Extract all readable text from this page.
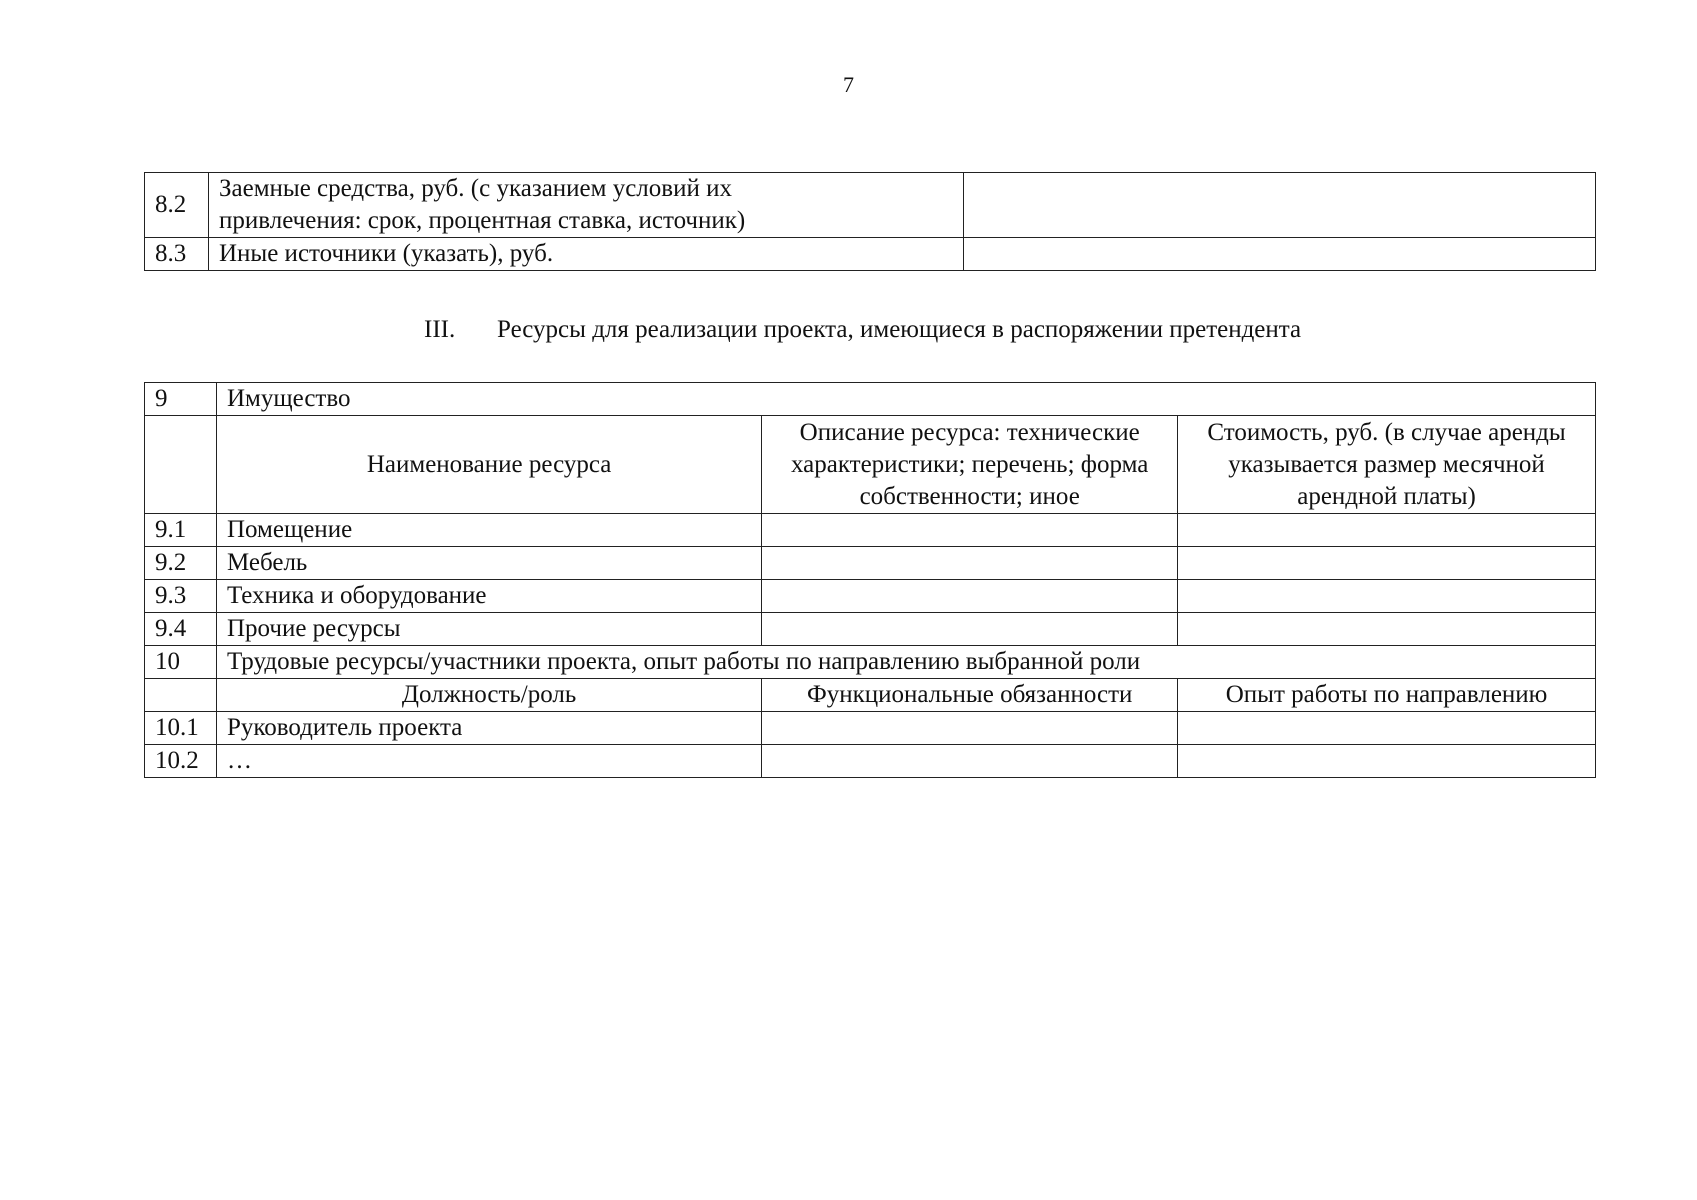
7
8.2	Заемные средства, руб. (с указанием условий их
привлечения: срок, процентная ставка, источник)	

8.3	Иные источники (указать), руб.	
III. Ресурсы для реализации проекта, имеющиеся в распоряжении претендента
9	Имущество		
	Наименование ресурса	Описание ресурса: технические характеристики; перечень; форма собственности; иное	Стоимость, руб. (в случае аренды указывается размер месячной арендной платы)
9.1	Помещение		
9.2	Мебель		
9.3	Техника и оборудование		
9.4	Прочие ресурсы		
10	Трудовые ресурсы/участники проекта, опыт работы по направлению выбранной роли		
	Должность/роль	Функциональные обязанности	Опыт работы по направлению
10.1	Руководитель проекта		
10.2	…		
